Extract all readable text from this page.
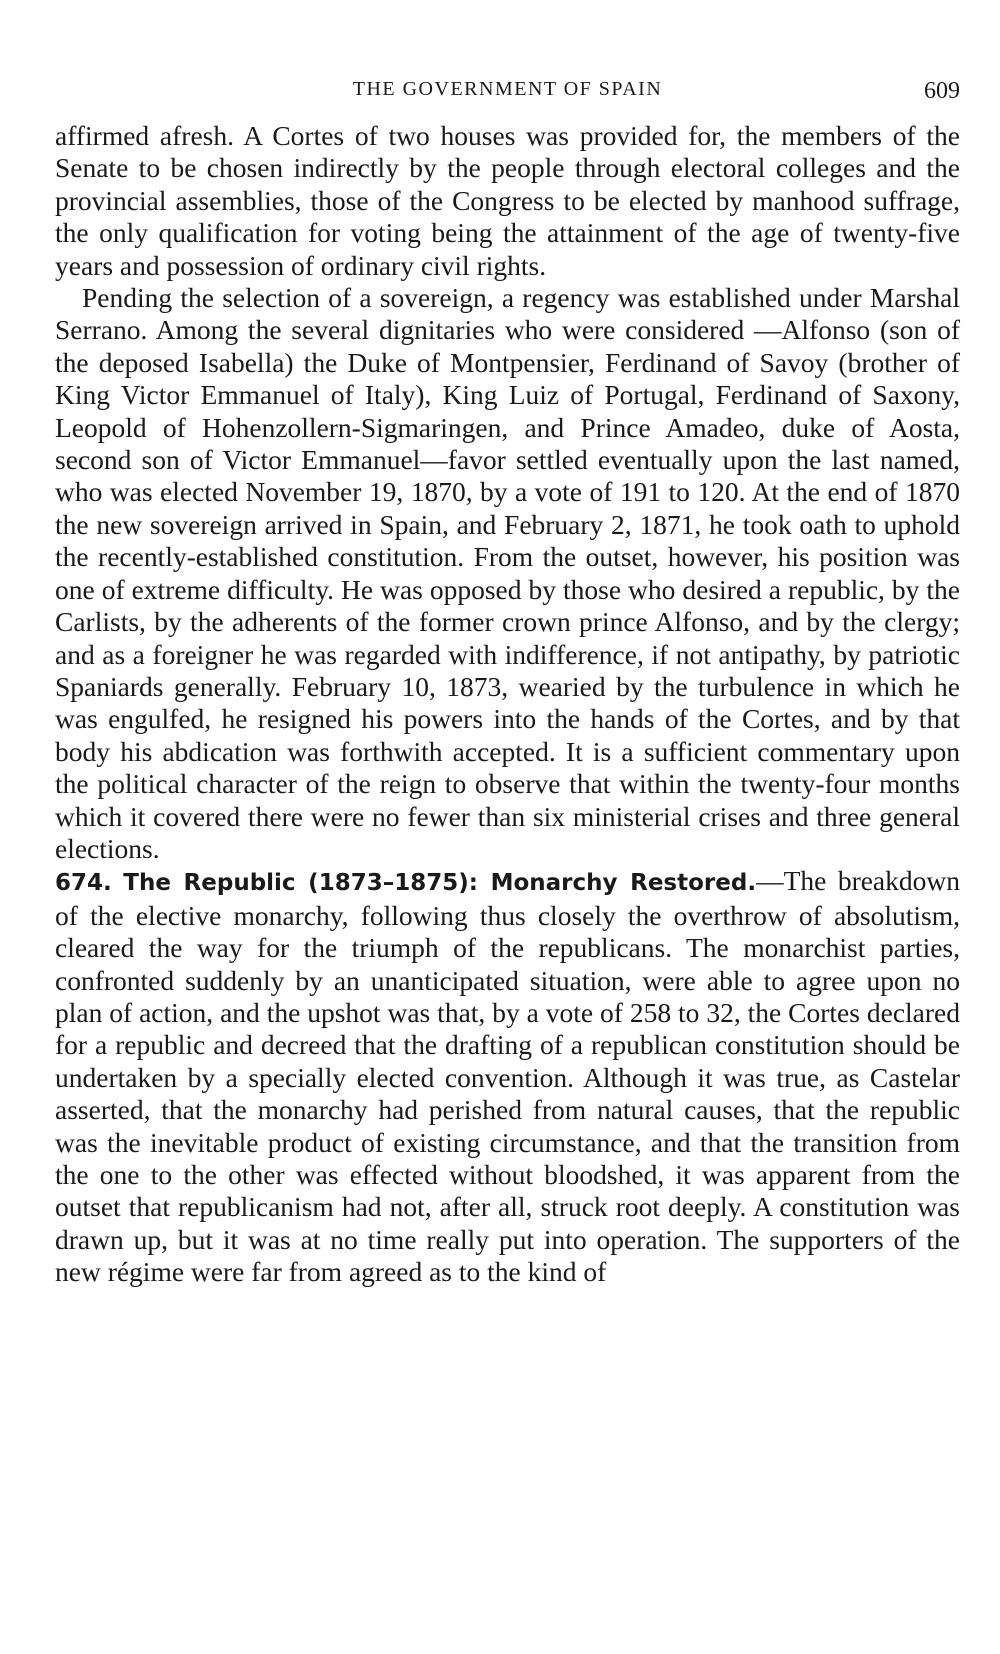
THE GOVERNMENT OF SPAIN	609

affirmed afresh. A Cortes of two houses was provided for, the members of the Senate to be chosen indirectly by the people through electoral colleges and the provincial assemblies, those of the Congress to be elected by manhood suffrage, the only qualification for voting being the attainment of the age of twenty-five years and possession of ordinary civil rights.

Pending the selection of a sovereign, a regency was established under Marshal Serrano. Among the several dignitaries who were considered —Alfonso (son of the deposed Isabella) the Duke of Montpensier, Ferdinand of Savoy (brother of King Victor Emmanuel of Italy), King Luiz of Portugal, Ferdinand of Saxony, Leopold of Hohenzollern-Sigmaringen, and Prince Amadeo, duke of Aosta, second son of Victor Emmanuel—favor settled eventually upon the last named, who was elected November 19, 1870, by a vote of 191 to 120. At the end of 1870 the new sovereign arrived in Spain, and February 2, 1871, he took oath to uphold the recently-established constitution. From the outset, however, his position was one of extreme difficulty. He was opposed by those who desired a republic, by the Carlists, by the adherents of the former crown prince Alfonso, and by the clergy; and as a foreigner he was regarded with indifference, if not antipathy, by patriotic Spaniards generally. February 10, 1873, wearied by the turbulence in which he was engulfed, he resigned his powers into the hands of the Cortes, and by that body his abdication was forthwith accepted. It is a sufficient commentary upon the political character of the reign to observe that within the twenty-four months which it covered there were no fewer than six ministerial crises and three general elections.

674. The Republic (1873–1875): Monarchy Restored.—The breakdown of the elective monarchy, following thus closely the overthrow of absolutism, cleared the way for the triumph of the republicans. The monarchist parties, confronted suddenly by an unanticipated situation, were able to agree upon no plan of action, and the upshot was that, by a vote of 258 to 32, the Cortes declared for a republic and decreed that the drafting of a republican constitution should be undertaken by a specially elected convention. Although it was true, as Castelar asserted, that the monarchy had perished from natural causes, that the republic was the inevitable product of existing circumstance, and that the transition from the one to the other was effected without bloodshed, it was apparent from the outset that republicanism had not, after all, struck root deeply. A constitution was drawn up, but it was at no time really put into operation. The supporters of the new régime were far from agreed as to the kind of
